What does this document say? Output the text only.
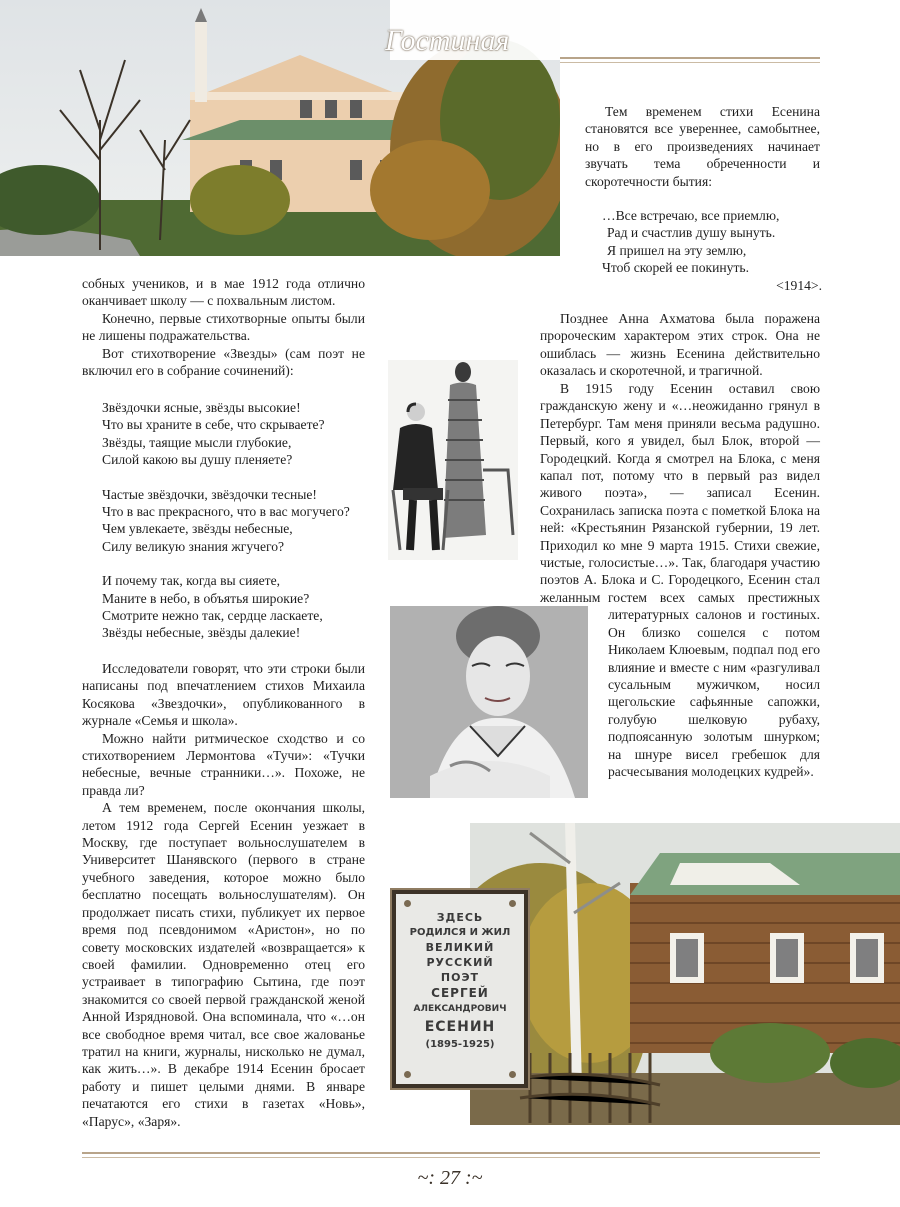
Гостиная

собных учеников, и в мае 1912 года отлично оканчивает школу — с похвальным листом.

Конечно, первые стихотворные опыты были не лишены подражательства.

Вот стихотворение «Звезды» (сам поэт не включил его в собрание сочинений):

Звёздочки ясные, звёзды высокие!
Что вы храните в себе, что скрываете?
Звёзды, таящие мысли глубокие,
Силой какою вы душу пленяете?
Частые звёздочки, звёздочки тесные!
Что в вас прекрасного, что в вас могучего?
Чем увлекаете, звёзды небесные,
Силу великую знания жгучего?
И почему так, когда вы сияете,
Маните в небо, в объятья широкие?
Смотрите нежно так, сердце ласкаете,
Звёзды небесные, звёзды далекие!

Исследователи говорят, что эти строки были написаны под впечатлением стихов Михаила Косякова «Звездочки», опубликованного в журнале «Семья и школа».

Можно найти ритмическое сходство и со стихотворением Лермонтова «Тучи»: «Тучки небесные, вечные странники…». Похоже, не правда ли?

А тем временем, после окончания школы, летом 1912 года Сергей Есенин уезжает в Москву, где поступает вольнослушателем в Университет Шанявского (первого в стране учебного заведения, которое можно было бесплатно посещать вольнослушателям). Он продолжает писать стихи, публикует их первое время под псевдонимом «Аристон», но по совету московских издателей «возвращается» к своей фамилии. Одновременно отец его устраивает в типографию Сытина, где поэт знакомится со своей первой гражданской женой Анной Изрядновой. Она вспоминала, что «…он все свободное время читал, все свое жалованье тратил на книги, журналы, нисколько не думал, как жить…». В декабре 1914 Есенин бросает работу и пишет целыми днями. В январе печатаются его стихи в газетах «Новь», «Парус», «Заря».

Тем временем стихи Есенина становятся все увереннее, самобытнее, но в его произведениях начинает звучать тема обреченности и скоротечности бытия:

…Все встречаю, все приемлю,
Рад и счастлив душу вынуть.
Я пришел на эту землю,
Чтоб скорей ее покинуть.
<1914>.

Позднее Анна Ахматова была поражена пророческим характером этих строк. Она не ошиблась — жизнь Есенина действительно оказалась и скоротечной, и трагичной.

В 1915 году Есенин оставил свою гражданскую жену и «…неожиданно грянул в Петербург. Там меня приняли весьма радушно. Первый, кого я увидел, был Блок, второй — Городецкий. Когда я смотрел на Блока, с меня капал пот, потому что в первый раз видел живого поэта», — записал Есенин. Сохранилась записка поэта с пометкой Блока на ней: «Крестьянин Рязанской губернии, 19 лет. Приходил ко мне 9 марта 1915. Стихи свежие, чистые, голосистые…». Так, благодаря участию поэтов А. Блока и С. Городецкого, Есенин стал желанным гостем всех самых престижных литературных салонов и гостиных. Он близко сошелся с потом Николаем Клюевым, подпал под его влияние и вместе с ним «разгуливал сусальным мужичком, носил щегольские сафьянные сапожки, голубую шелковую рубаху, подпоясанную золотым шнурком; на шнуре висел гребешок для расчесывания молодецких кудрей».

ЗДЕСЬ
РОДИЛСЯ И ЖИЛ
ВЕЛИКИЙ
РУССКИЙ
ПОЭТ
СЕРГЕЙ
АЛЕКСАНДРОВИЧ
ЕСЕНИН
(1895-1925)
~: 27 :~
